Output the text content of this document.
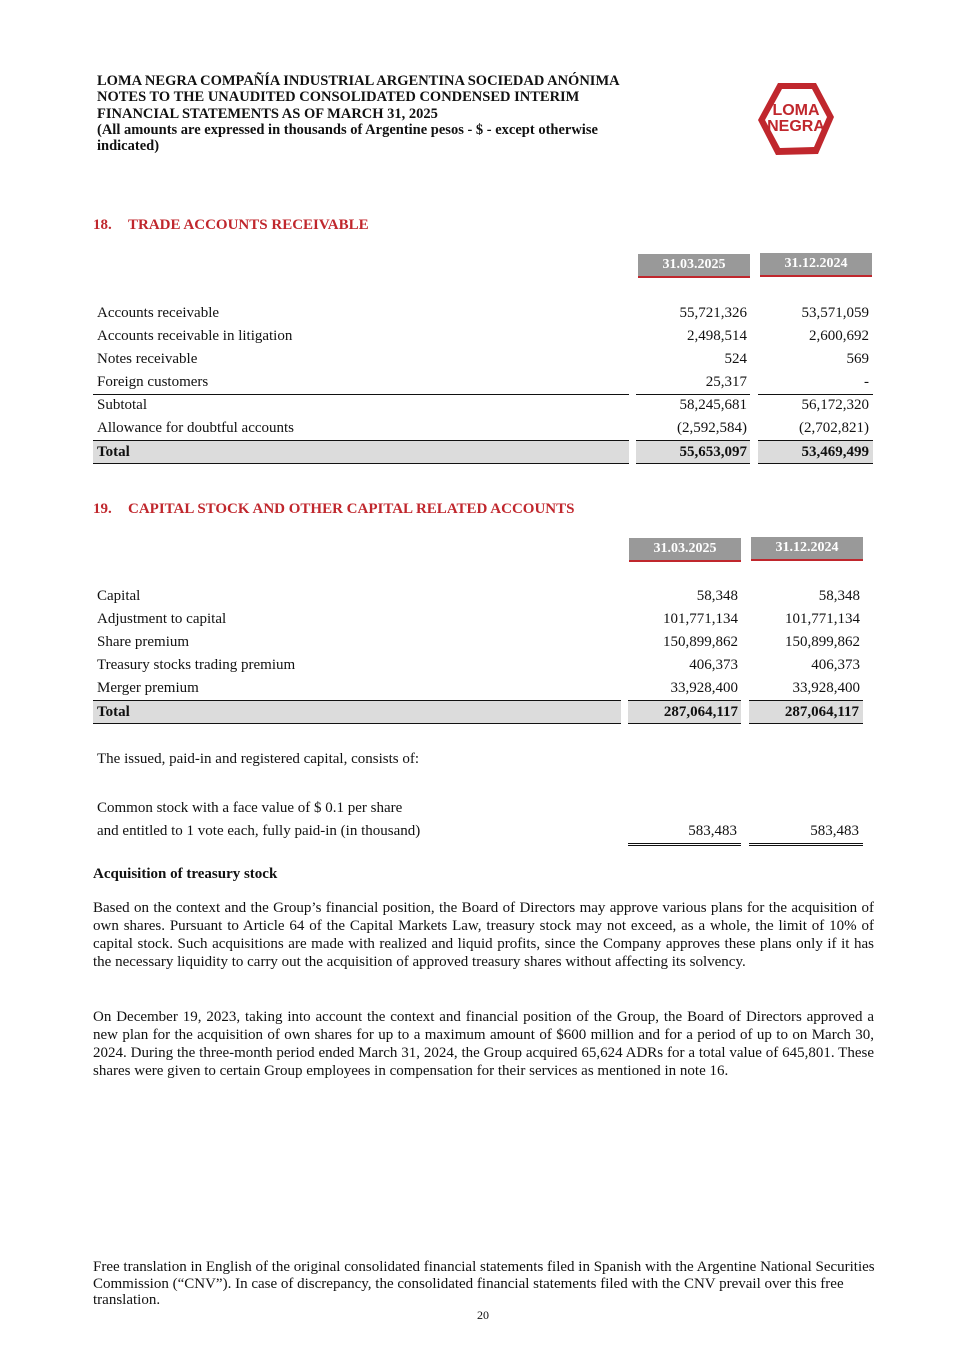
LOMA NEGRA COMPAÑÍA INDUSTRIAL ARGENTINA SOCIEDAD ANÓNIMA
NOTES TO THE UNAUDITED CONSOLIDATED CONDENSED INTERIM
FINANCIAL STATEMENTS AS OF MARCH 31, 2025
(All amounts are expressed in thousands of Argentine pesos - $ - except otherwise
indicated)
LOMA
NEGRA
18. TRADE ACCOUNTS RECEIVABLE
31.03.2025	31.12.2024
Accounts receivable	55,721,326	53,571,059
Accounts receivable in litigation	2,498,514	2,600,692
Notes receivable	524	569
Foreign customers	25,317	-
Subtotal	58,245,681	56,172,320
Allowance for doubtful accounts	(2,592,584)	(2,702,821)
Total	55,653,097	53,469,499
19. CAPITAL STOCK AND OTHER CAPITAL RELATED ACCOUNTS
31.03.2025	31.12.2024
Capital	58,348	58,348
Adjustment to capital	101,771,134	101,771,134
Share premium	150,899,862	150,899,862
Treasury stocks trading premium	406,373	406,373
Merger premium	33,928,400	33,928,400
Total	287,064,117	287,064,117
The issued, paid-in and registered capital, consists of:
Common stock with a face value of $ 0.1 per share
and entitled to 1 vote each, fully paid-in (in thousand)	583,483	583,483
Acquisition of treasury stock
Based on the context and the Group’s financial position, the Board of Directors may approve various plans for the acquisition of own shares. Pursuant to Article 64 of the Capital Markets Law, treasury stock may not exceed, as a whole, the limit of 10% of capital stock. Such acquisitions are made with realized and liquid profits, since the Company approves these plans only if it has the necessary liquidity to carry out the acquisition of approved treasury shares without affecting its solvency.
On December 19, 2023, taking into account the context and financial position of the Group, the Board of Directors approved a new plan for the acquisition of own shares for up to a maximum amount of $600 million and for a period of up to on March 30, 2024. During the three-month period ended March 31, 2024, the Group acquired 65,624 ADRs for a total value of 645,801. These shares were given to certain Group employees in compensation for their services as mentioned in note 16.
Free translation in English of the original consolidated financial statements filed in Spanish with the Argentine National Securities Commission (“CNV”). In case of discrepancy, the consolidated financial statements filed with the CNV prevail over this free translation.
20
